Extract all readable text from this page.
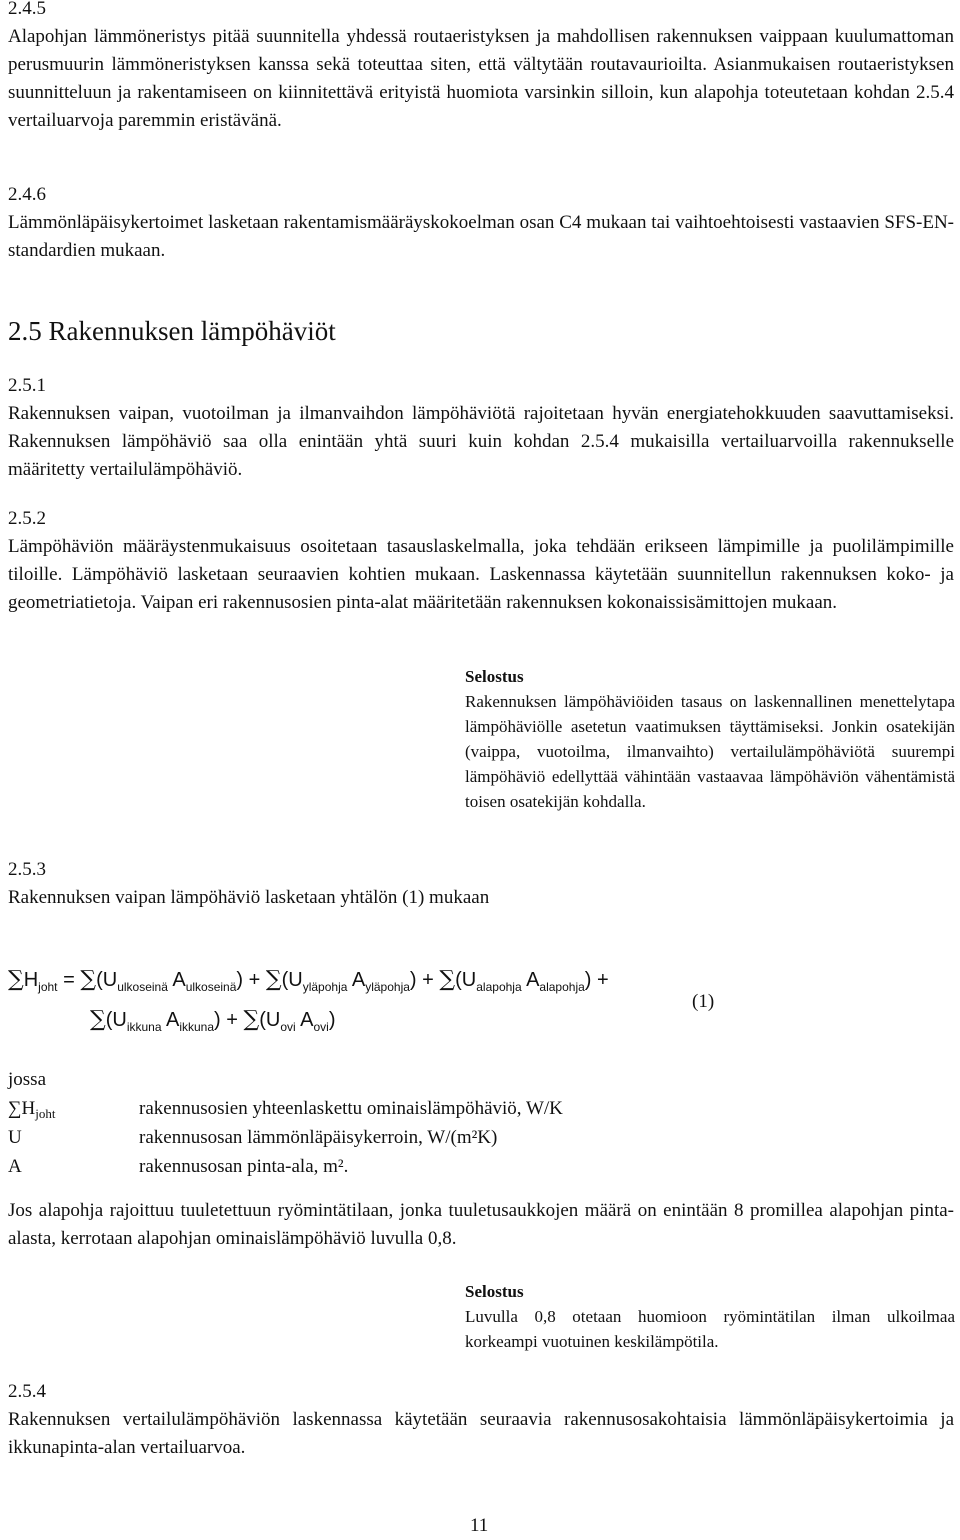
2.4.5

Alapohjan lämmöneristys pitää suunnitella yhdessä routaeristyksen ja mahdollisen rakennuksen vaippaan kuulumattoman perusmuurin lämmöneristyksen kanssa sekä toteuttaa siten, että vältytään routavaurioilta. Asianmukaisen routaeristyksen suunnitteluun ja rakentamiseen on kiinnitettävä erityistä huomiota varsinkin silloin, kun alapohja toteutetaan kohdan 2.5.4 vertailuarvoja paremmin eristävänä.

2.4.6

Lämmönläpäisykertoimet lasketaan rakentamismääräyskokoelman osan C4 mukaan tai vaihtoehtoisesti vastaavien SFS-EN-standardien mukaan.

2.5 Rakennuksen lämpöhäviöt
2.5.1

Rakennuksen vaipan, vuotoilman ja ilmanvaihdon lämpöhäviötä rajoitetaan hyvän energiatehokkuuden saavuttamiseksi. Rakennuksen lämpöhäviö saa olla enintään yhtä suuri kuin kohdan 2.5.4 mukaisilla vertailuarvoilla rakennukselle määritetty vertailulämpöhäviö.

2.5.2

Lämpöhäviön määräystenmukaisuus osoitetaan tasauslaskelmalla, joka tehdään erikseen lämpimille ja puolilämpimille tiloille. Lämpöhäviö lasketaan seuraavien kohtien mukaan. Laskennassa käytetään suunnitellun rakennuksen koko- ja geometriatietoja. Vaipan eri rakennusosien pinta-alat määritetään rakennuksen kokonaissisämittojen mukaan.

Selostus

Rakennuksen lämpöhäviöiden tasaus on laskennallinen menettelytapa lämpöhäviölle asetetun vaatimuksen täyttämiseksi. Jonkin osatekijän (vaippa, vuotoilma, ilmanvaihto) vertailulämpöhäviötä suurempi lämpöhäviö edellyttää vähintään vastaavaa lämpöhäviön vähentämistä toisen osatekijän kohdalla.

2.5.3

Rakennuksen vaipan lämpöhäviö lasketaan yhtälön (1) mukaan

$\sum H_{joht} = \sum(U_{ulkoseinä}$ $A_{ulkoseinä}) + \sum(U_{yläpohja}$ $A_{yläpohja}) + \sum(U_{alapohja}$ $A_{alapohja}$) +
$\sum(U_{ikkuna}$ $A_{ikkuna}) + \sum(U_{ovi}$ $A_{ovi}$)
(1)
jossa
$\sum H_{joht}$	rakennusosien yhteenlaskettu ominaislämpöhäviö, W/K
U	rakennusosan lämmönläpäisykerroin, W/(m²K)
A	rakennusosan pinta-ala, m².

Jos alapohja rajoittuu tuuletettuun ryömintätilaan, jonka tuuletusaukkojen määrä on enintään 8 promillea alapohjan pinta-alasta, kerrotaan alapohjan ominaislämpöhäviö luvulla 0,8.

Selostus

Luvulla 0,8 otetaan huomioon ryömintätilan ilman ulkoilmaa korkeampi vuotuinen keskilämpötila.

2.5.4

Rakennuksen vertailulämpöhäviön laskennassa käytetään seuraavia rakennusosakohtaisia lämmönläpäisykertoimia ja ikkunapinta-alan vertailuarvoa.

11
